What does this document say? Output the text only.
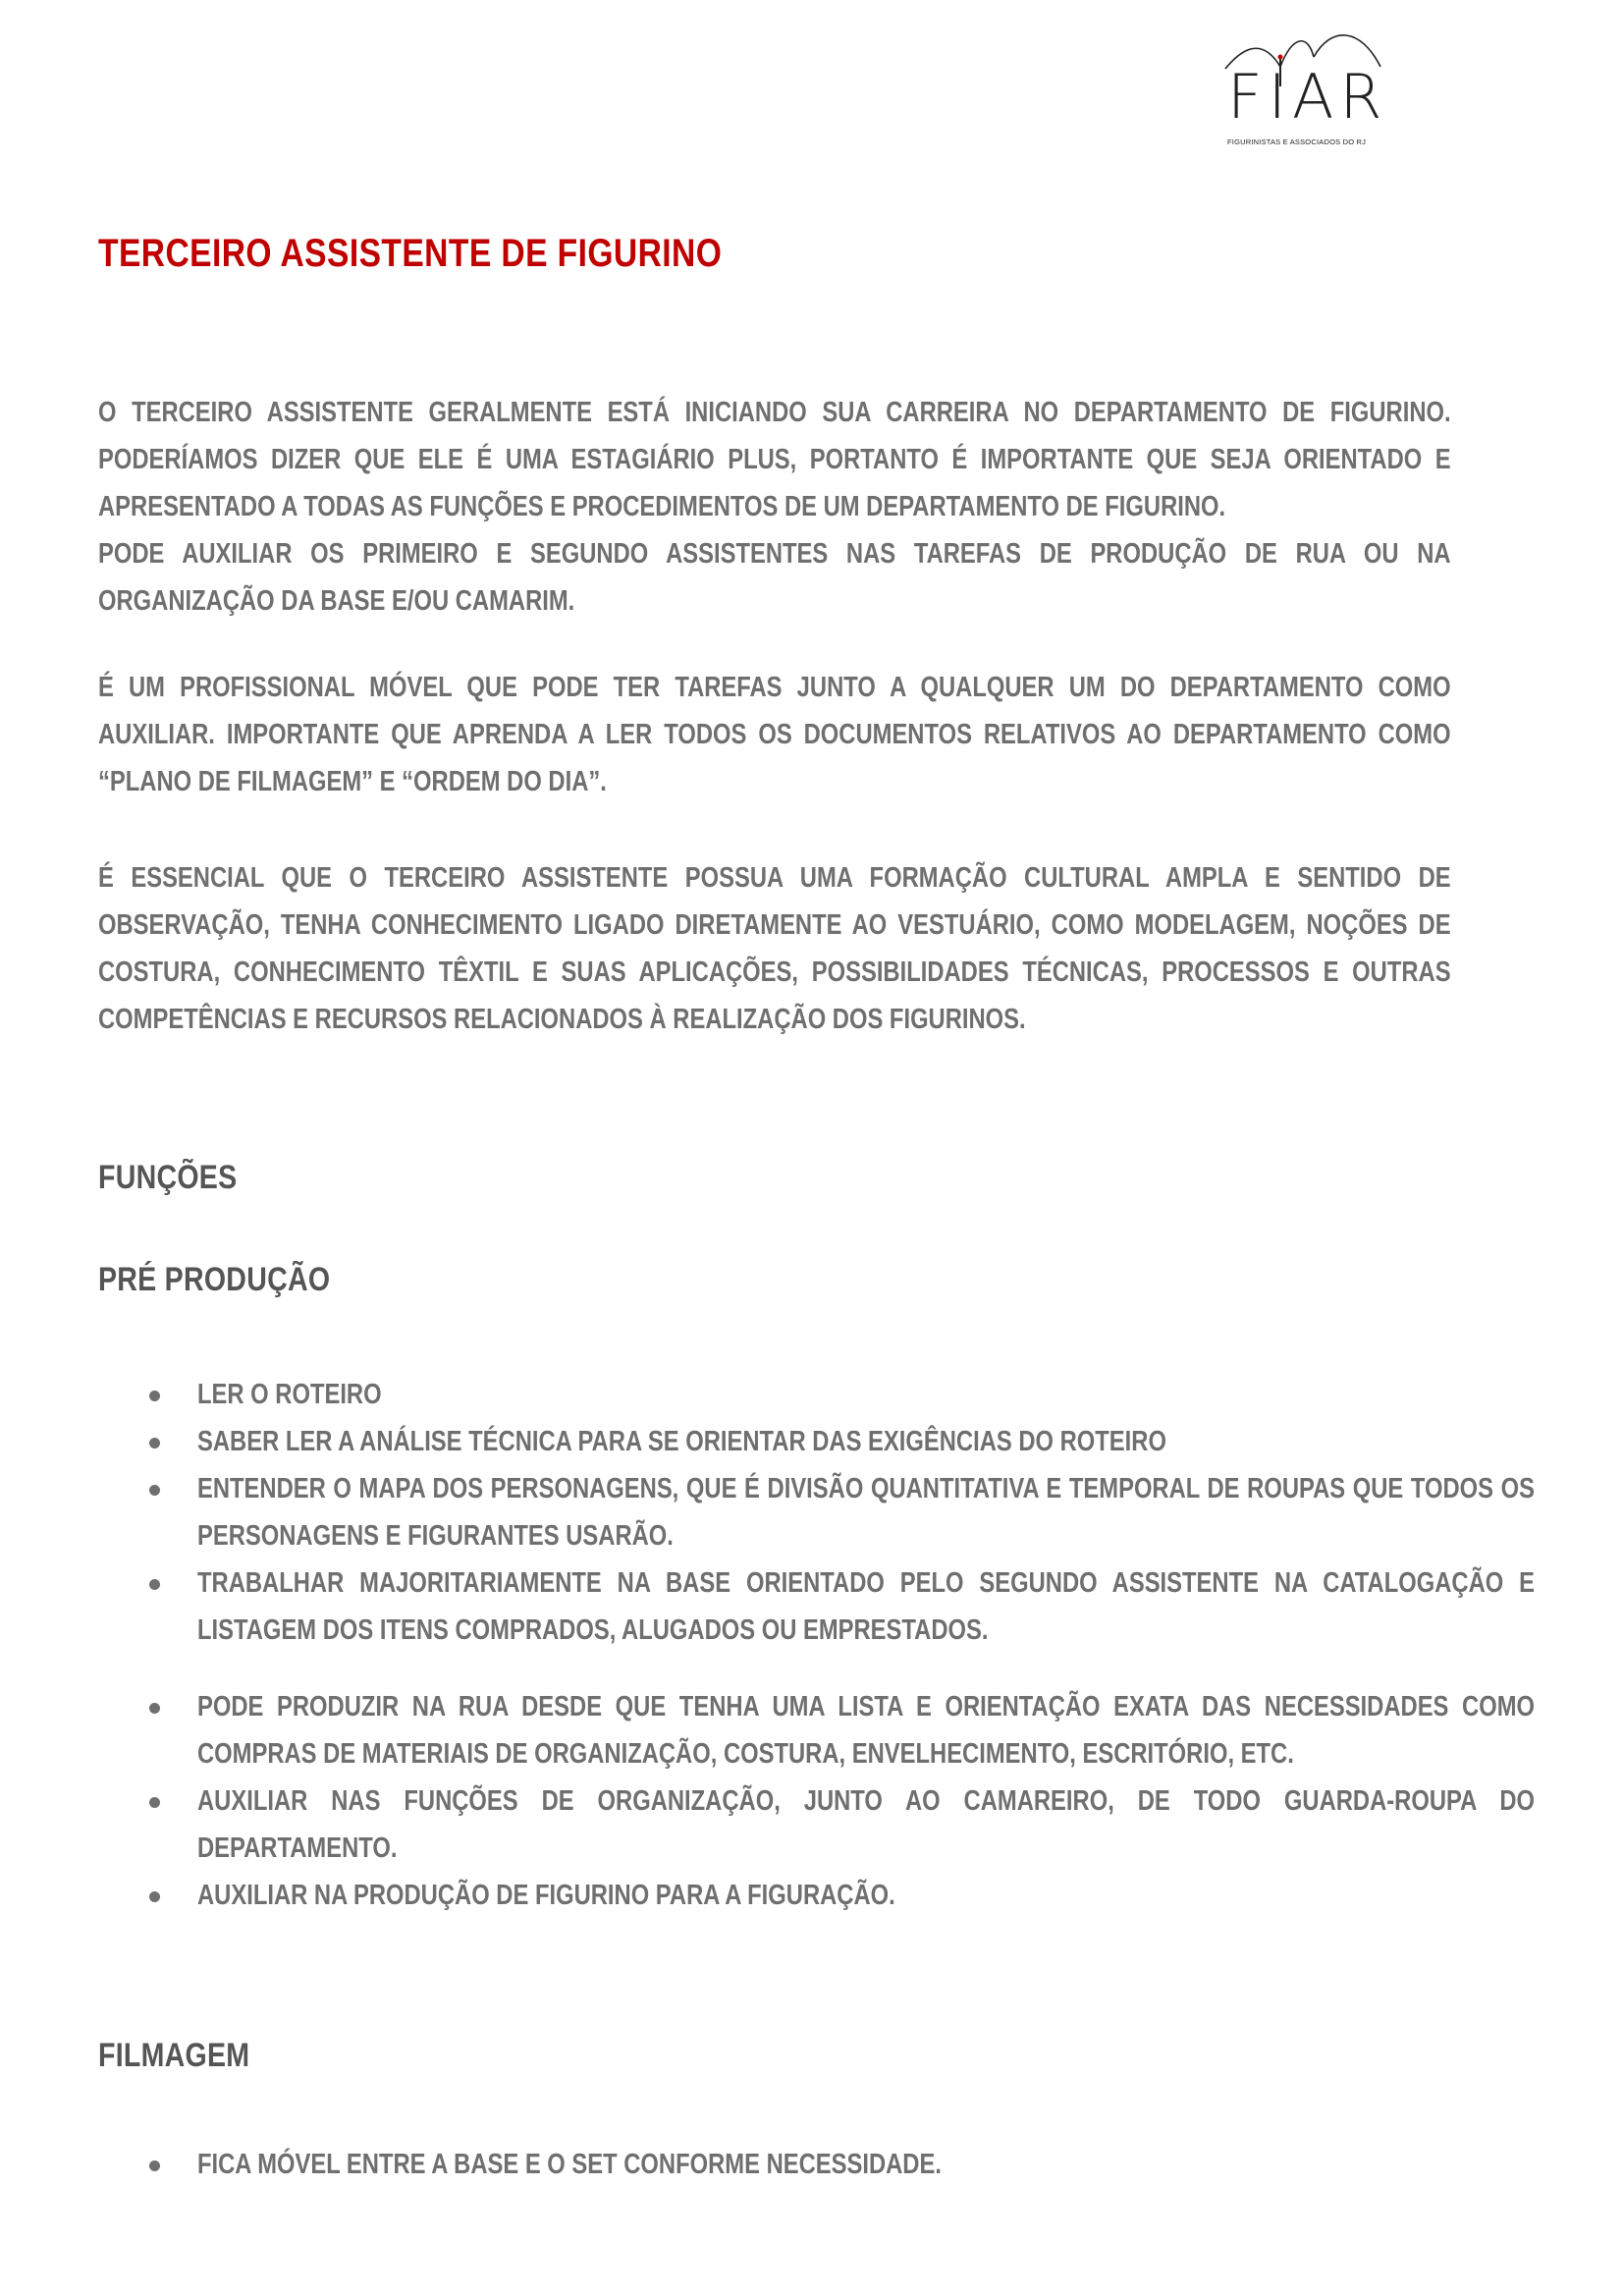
FIAR
FIGURINISTAS E ASSOCIADOS DO RJ
TERCEIRO ASSISTENTE DE FIGURINO

O TERCEIRO ASSISTENTE GERALMENTE ESTÁ INICIANDO SUA CARREIRA NO DEPARTAMENTO DE FIGURINO. PODERÍAMOS DIZER QUE ELE É UMA ESTAGIÁRIO PLUS, PORTANTO É IMPORTANTE QUE SEJA ORIENTADO E APRESENTADO A TODAS AS FUNÇÕES E PROCEDIMENTOS DE UM DEPARTAMENTO DE FIGURINO.

PODE AUXILIAR OS PRIMEIRO E SEGUNDO ASSISTENTES NAS TAREFAS DE PRODUÇÃO DE RUA OU NA ORGANIZAÇÃO DA BASE E/OU CAMARIM.

É UM PROFISSIONAL MÓVEL QUE PODE TER TAREFAS JUNTO A QUALQUER UM DO DEPARTAMENTO COMO AUXILIAR. IMPORTANTE QUE APRENDA A LER TODOS OS DOCUMENTOS RELATIVOS AO DEPARTAMENTO COMO “PLANO DE FILMAGEM” E “ORDEM DO DIA”.

É ESSENCIAL QUE O TERCEIRO ASSISTENTE POSSUA UMA FORMAÇÃO CULTURAL AMPLA E SENTIDO DE OBSERVAÇÃO, TENHA CONHECIMENTO LIGADO DIRETAMENTE AO VESTUÁRIO, COMO MODELAGEM, NOÇÕES DE COSTURA, CONHECIMENTO TÊXTIL E SUAS APLICAÇÕES, POSSIBILIDADES TÉCNICAS, PROCESSOS E OUTRAS COMPETÊNCIAS E RECURSOS RELACIONADOS À REALIZAÇÃO DOS FIGURINOS.

FUNÇÕES
PRÉ PRODUÇÃO
LER O ROTEIRO
SABER LER A ANÁLISE TÉCNICA PARA SE ORIENTAR DAS EXIGÊNCIAS DO ROTEIRO
ENTENDER O MAPA DOS PERSONAGENS, QUE É DIVISÃO QUANTITATIVA E TEMPORAL DE ROUPAS QUE TODOS OS PERSONAGENS E FIGURANTES USARÃO.
TRABALHAR MAJORITARIAMENTE NA BASE ORIENTADO PELO SEGUNDO ASSISTENTE NA CATALOGAÇÃO E LISTAGEM DOS ITENS COMPRADOS, ALUGADOS OU EMPRESTADOS.
PODE PRODUZIR NA RUA DESDE QUE TENHA UMA LISTA E ORIENTAÇÃO EXATA DAS NECESSIDADES COMO COMPRAS DE MATERIAIS DE ORGANIZAÇÃO, COSTURA, ENVELHECIMENTO, ESCRITÓRIO, ETC.
AUXILIAR NAS FUNÇÕES DE ORGANIZAÇÃO, JUNTO AO CAMAREIRO, DE TODO GUARDA-ROUPA DO DEPARTAMENTO.
AUXILIAR NA PRODUÇÃO DE FIGURINO PARA A FIGURAÇÃO.
FILMAGEM
FICA MÓVEL ENTRE A BASE E O SET CONFORME NECESSIDADE.
